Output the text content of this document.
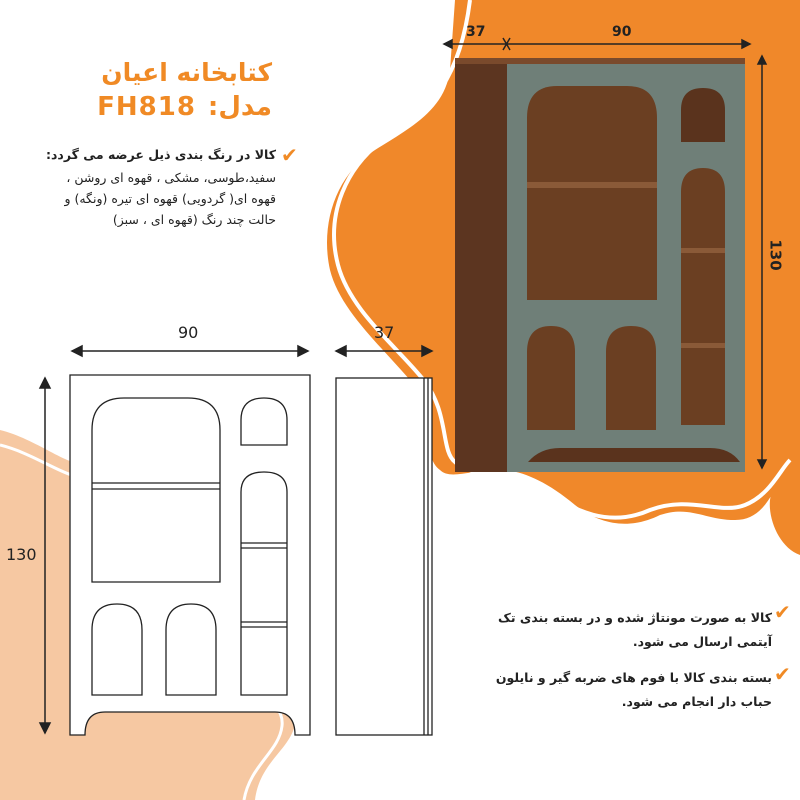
کتابخانه اعیان
مدل:
FH818
✔
کالا در رنگ بندی ذیل عرضه می گردد:
سفید،طوسی، مشکی ، قهوه ای روشن ،
قهوه ای( گردویی) قهوه ای تیره (ونگه) و
حالت چند رنگ (قهوه ای ، سبز)
37	90
130
90	37
130
✔
کالا به صورت مونتاژ شده و در بسته بندی تک آیتمی ارسال می شود.
✔
بسته بندی کالا با فوم های ضربه گیر و نایلون حباب دار انجام می شود.
